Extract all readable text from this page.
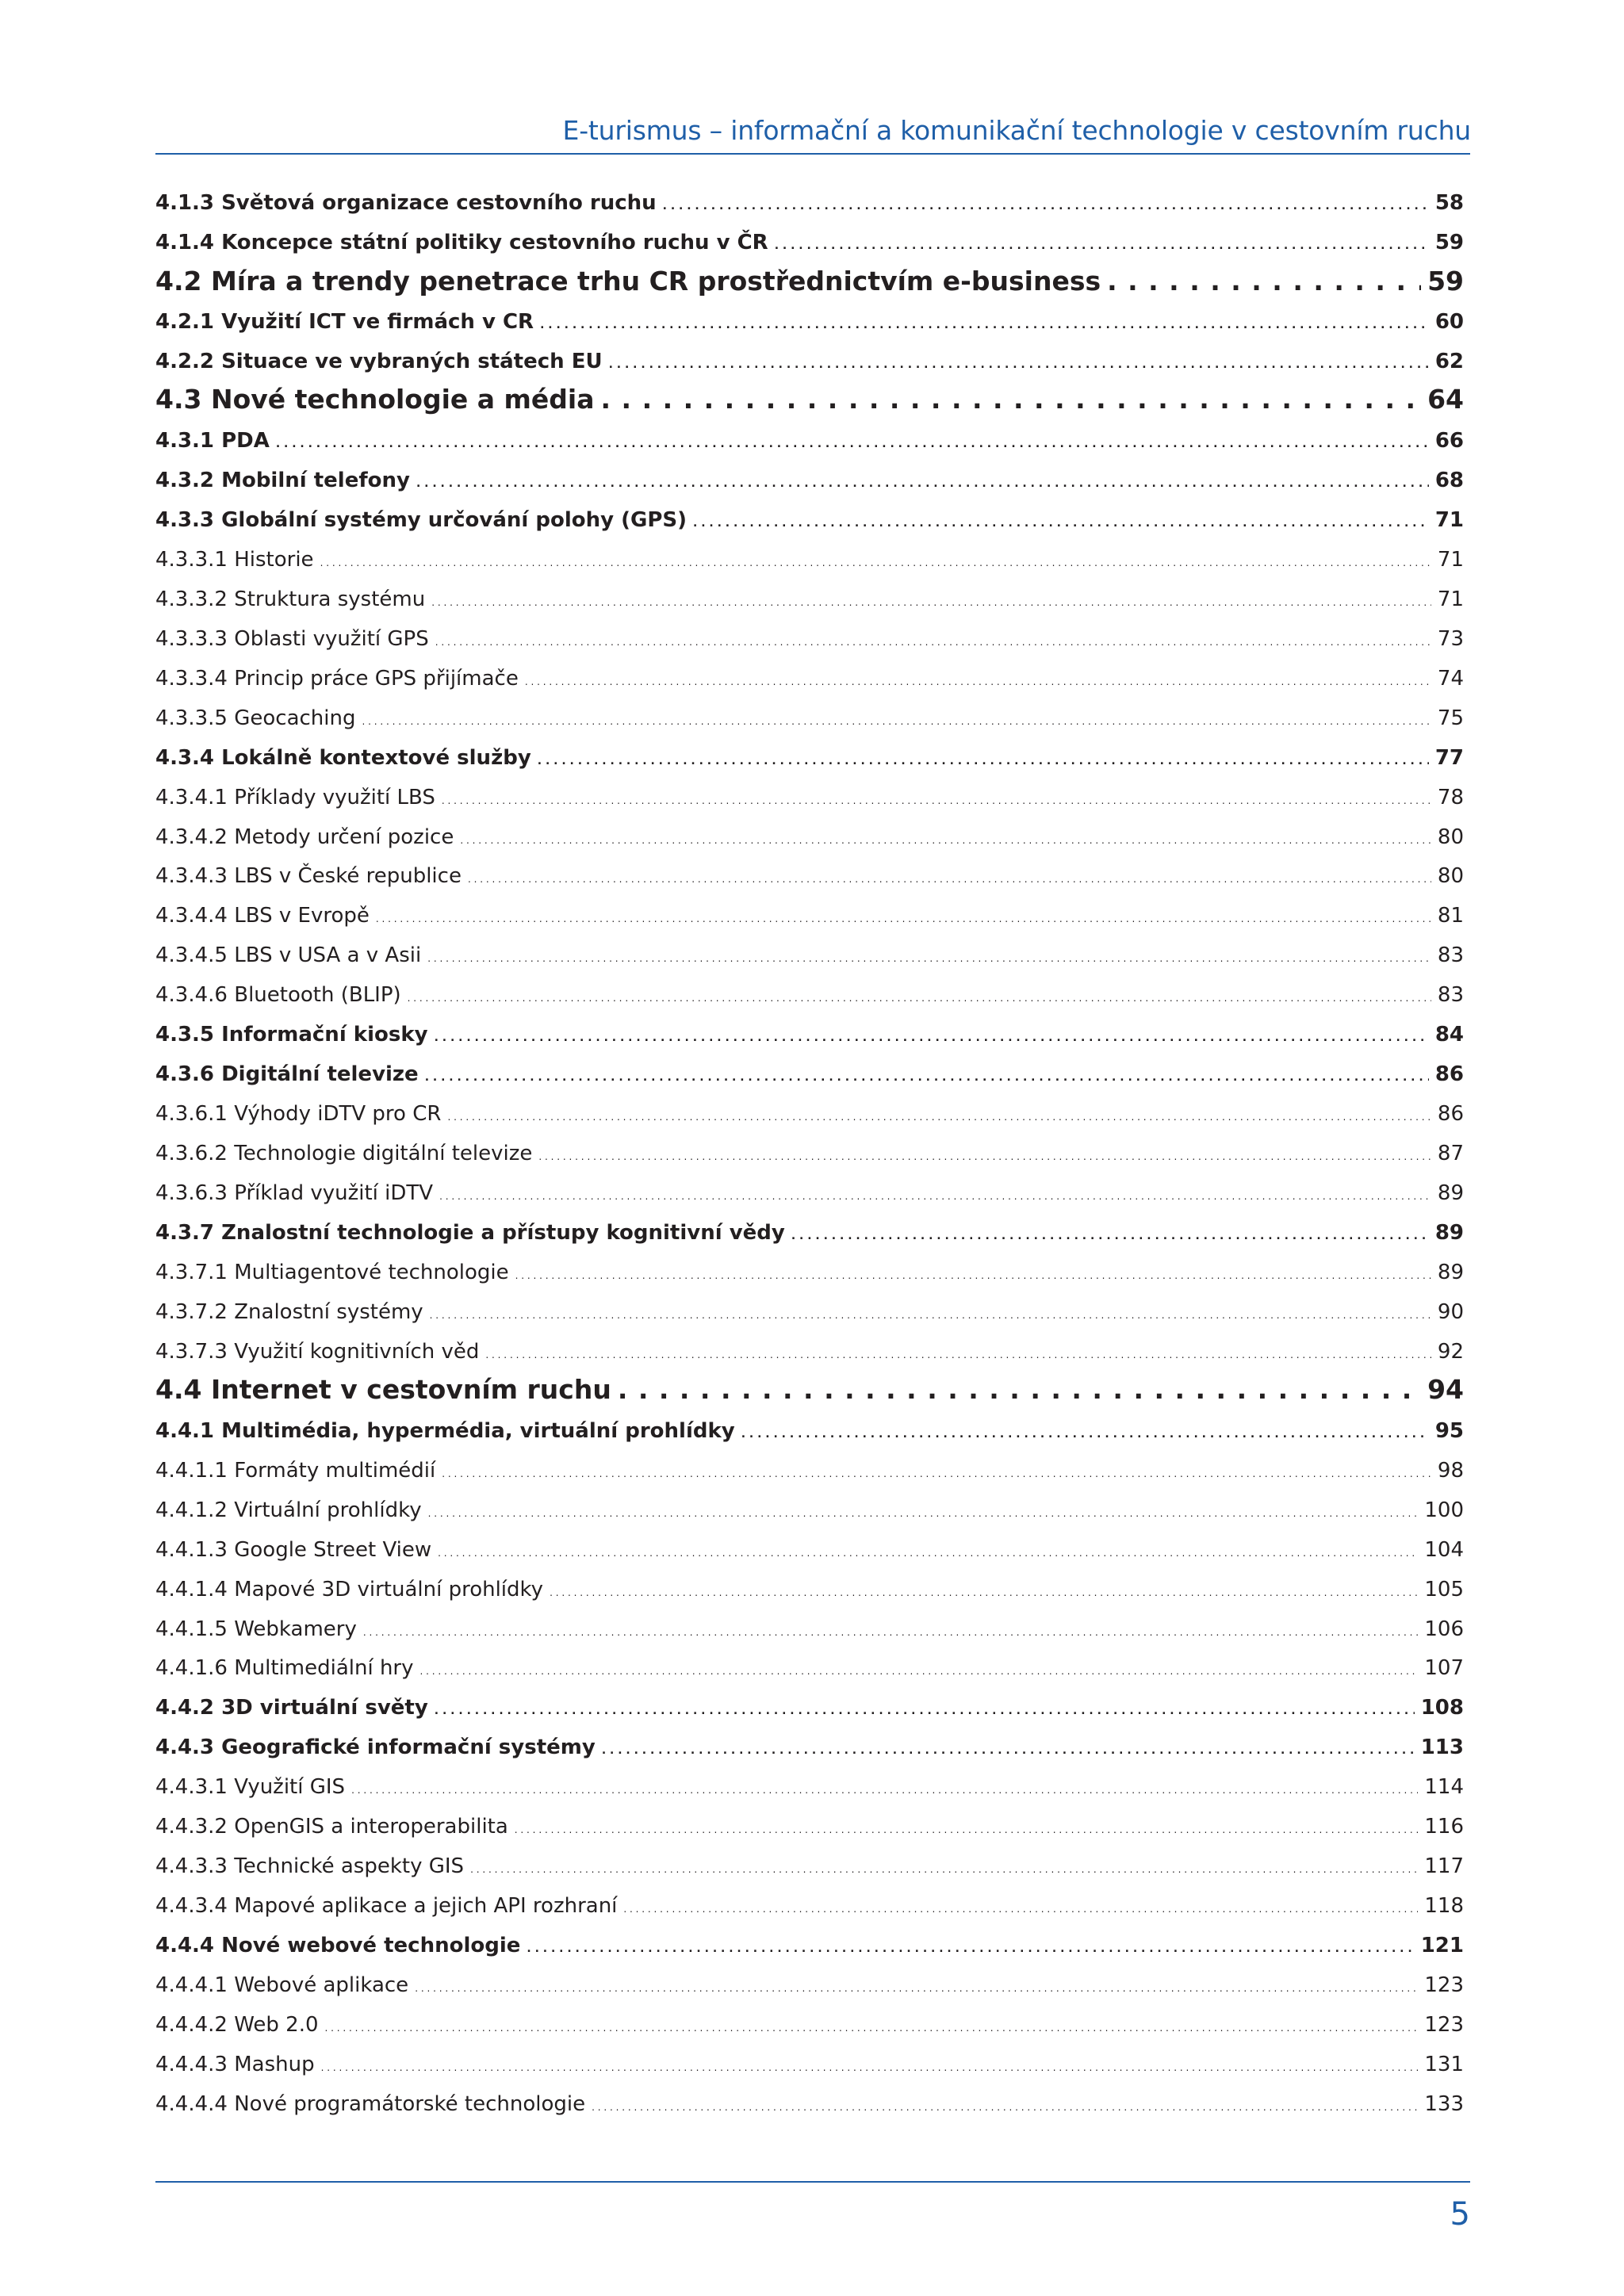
E-turismus – informační a komunikační technologie v cestovním ruchu
4.1.3 Světová organizace cestovního ruchu . . .	58
4.1.4 Koncepce státní politiky cestovního ruchu v ČR . . .	59
4.2 Míra a trendy penetrace trhu CR prostřednictvím e-business . . .	59
4.2.1 Využití ICT ve firmách v CR . . .	60
4.2.2 Situace ve vybraných státech EU . . .	62
4.3 Nové technologie a média . . .	64
4.3.1 PDA . . .	66
4.3.2 Mobilní telefony . . .	68
4.3.3 Globální systémy určování polohy (GPS) . . .	71
4.3.3.1 Historie . . .	71
4.3.3.2 Struktura systému . . .	71
4.3.3.3 Oblasti využití GPS . . .	73
4.3.3.4 Princip práce GPS přijímače . . .	74
4.3.3.5 Geocaching . . .	75
4.3.4 Lokálně kontextové služby . . .	77
4.3.4.1 Příklady využití LBS . . .	78
4.3.4.2 Metody určení pozice . . .	80
4.3.4.3 LBS v České republice . . .	80
4.3.4.4 LBS v Evropě . . .	81
4.3.4.5 LBS v USA a v Asii . . .	83
4.3.4.6 Bluetooth (BLIP) . . .	83
4.3.5 Informační kiosky . . .	84
4.3.6 Digitální televize . . .	86
4.3.6.1 Výhody iDTV pro CR . . .	86
4.3.6.2 Technologie digitální televize . . .	87
4.3.6.3 Příklad využití iDTV . . .	89
4.3.7 Znalostní technologie a přístupy kognitivní vědy . . .	89
4.3.7.1 Multiagentové technologie . . .	89
4.3.7.2 Znalostní systémy . . .	90
4.3.7.3 Využití kognitivních věd . . .	92
4.4 Internet v cestovním ruchu . . .	94
4.4.1 Multimédia, hypermédia, virtuální prohlídky . . .	95
4.4.1.1 Formáty multimédií . . .	98
4.4.1.2 Virtuální prohlídky . . .	100
4.4.1.3 Google Street View . . .	104
4.4.1.4 Mapové 3D virtuální prohlídky . . .	105
4.4.1.5 Webkamery . . .	106
4.4.1.6 Multimediální hry . . .	107
4.4.2 3D virtuální světy . . .	108
4.4.3 Geografické informační systémy . . .	113
4.4.3.1 Využití GIS . . .	114
4.4.3.2 OpenGIS a interoperabilita . . .	116
4.4.3.3 Technické aspekty GIS . . .	117
4.4.3.4 Mapové aplikace a jejich API rozhraní . . .	118
4.4.4 Nové webové technologie . . .	121
4.4.4.1 Webové aplikace . . .	123
4.4.4.2 Web 2.0 . . .	123
4.4.4.3 Mashup . . .	131
4.4.4.4 Nové programátorské technologie . . .	133
5
